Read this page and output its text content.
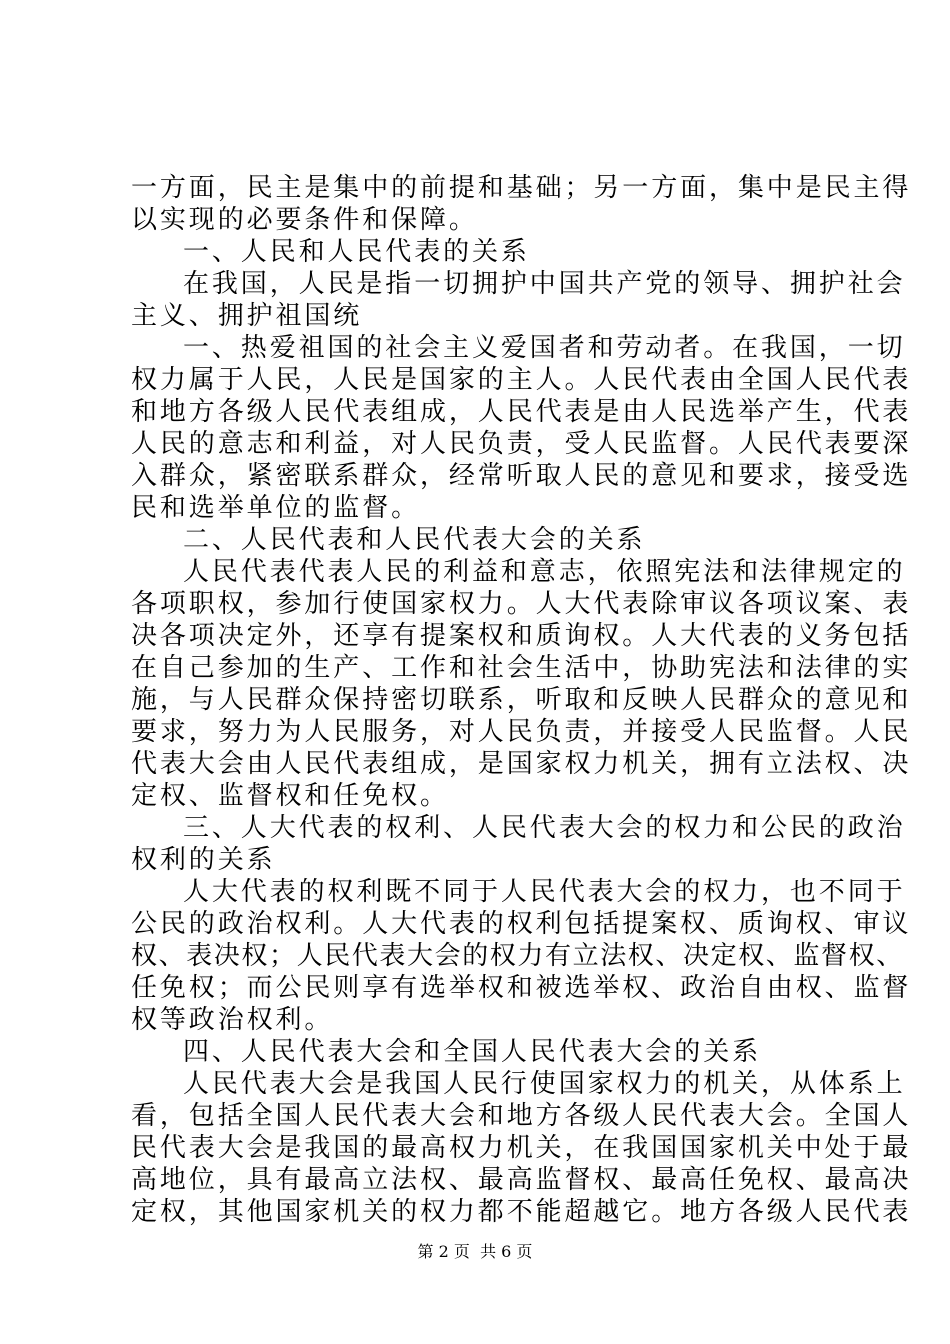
一方面，民主是集中的前提和基础；另一方面，集中是民主得
以实现的必要条件和保障。
一、人民和人民代表的关系
在我国，人民是指一切拥护中国共产党的领导、拥护社会
主义、拥护祖国统
一、热爱祖国的社会主义爱国者和劳动者。在我国，一切
权力属于人民，人民是国家的主人。人民代表由全国人民代表
和地方各级人民代表组成，人民代表是由人民选举产生，代表
人民的意志和利益，对人民负责，受人民监督。人民代表要深
入群众，紧密联系群众，经常听取人民的意见和要求，接受选
民和选举单位的监督。
二、人民代表和人民代表大会的关系
人民代表代表人民的利益和意志，依照宪法和法律规定的
各项职权，参加行使国家权力。人大代表除审议各项议案、表
决各项决定外，还享有提案权和质询权。人大代表的义务包括
在自己参加的生产、工作和社会生活中，协助宪法和法律的实
施，与人民群众保持密切联系，听取和反映人民群众的意见和
要求，努力为人民服务，对人民负责，并接受人民监督。人民
代表大会由人民代表组成，是国家权力机关，拥有立法权、决
定权、监督权和任免权。
三、人大代表的权利、人民代表大会的权力和公民的政治
权利的关系
人大代表的权利既不同于人民代表大会的权力，也不同于
公民的政治权利。人大代表的权利包括提案权、质询权、审议
权、表决权；人民代表大会的权力有立法权、决定权、监督权、
任免权；而公民则享有选举权和被选举权、政治自由权、监督
权等政治权利。
四、人民代表大会和全国人民代表大会的关系
人民代表大会是我国人民行使国家权力的机关，从体系上
看，包括全国人民代表大会和地方各级人民代表大会。全国人
民代表大会是我国的最高权力机关，在我国国家机关中处于最
高地位，具有最高立法权、最高监督权、最高任免权、最高决
定权，其他国家机关的权力都不能超越它。地方各级人民代表
第 2 页  共 6 页
